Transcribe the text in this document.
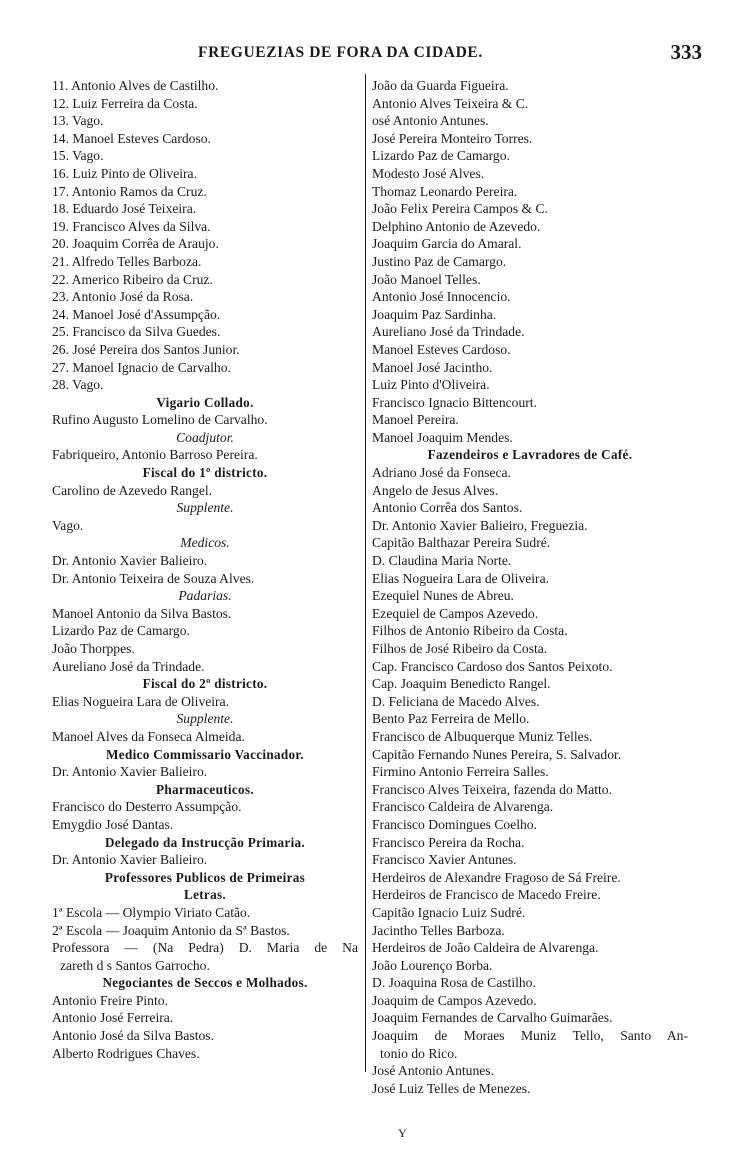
FREGUEZIAS DE FORA DA CIDADE.	333
11. Antonio Alves de Castilho.
12. Luiz Ferreira da Costa.
13. Vago.
14. Manoel Esteves Cardoso.
15. Vago.
16. Luiz Pinto de Oliveira.
17. Antonio Ramos da Cruz.
18. Eduardo José Teixeira.
19. Francisco Alves da Silva.
20. Joaquim Corrêa de Araujo.
21. Alfredo Telles Barboza.
22. Americo Ribeiro da Cruz.
23. Antonio José da Rosa.
24. Manoel José d'Assumpção.
25. Francisco da Silva Guedes.
26. José Pereira dos Santos Junior.
27. Manoel Ignacio de Carvalho.
28. Vago.
Vigario Collado.
Rufino Augusto Lomelino de Carvalho.
Coadjutor.
Fabriqueiro, Antonio Barroso Pereira.
Fiscal do 1º districto.
Carolino de Azevedo Rangel.
Supplente.
Vago.
Medicos.
Dr. Antonio Xavier Balieiro.
Dr. Antonio Teixeira de Souza Alves.
Padarias.
Manoel Antonio da Silva Bastos.
Lizardo Paz de Camargo.
João Thorppes.
Aureliano José da Trindade.
Fiscal do 2º districto.
Elias Nogueira Lara de Oliveira.
Supplente.
Manoel Alves da Fonseca Almeida.
Medico Commissario Vaccinador.
Dr. Antonio Xavier Balieiro.
Pharmaceuticos.
Francisco do Desterro Assumpção.
Emygdio José Dantas.
Delegado da Instrucção Primaria.
Dr. Antonio Xavier Balieiro.
Professores Publicos de Primeiras
Letras.
1ª Escola — Olympio Viriato Catão.
2ª Escola — Joaquim Antonio da Sª Bastos.
Professora — (Na Pedra) D. Maria de Na
zareth d s Santos Garrocho.
Negociantes de Seccos e Molhados.
Antonio Freire Pinto.
Antonio José Ferreira.
Antonio José da Silva Bastos.
Alberto Rodrigues Chaves.
João da Guarda Figueira.
Antonio Alves Teixeira & C.
osé Antonio Antunes.
José Pereira Monteiro Torres.
Lizardo Paz de Camargo.
Modesto José Alves.
Thomaz Leonardo Pereira.
João Felix Pereira Campos & C.
Delphino Antonio de Azevedo.
Joaquim Garcia do Amaral.
Justino Paz de Camargo.
João Manoel Telles.
Antonio José Innocencio.
Joaquim Paz Sardinha.
Aureliano José da Trindade.
Manoel Esteves Cardoso.
Manoel José Jacintho.
Luiz Pinto d'Oliveira.
Francisco Ignacio Bittencourt.
Manoel Pereira.
Manoel Joaquim Mendes.
Fazendeiros e Lavradores de Café.
Adriano José da Fonseca.
Angelo de Jesus Alves.
Antonio Corrêa dos Santos.
Dr. Antonio Xavier Balieiro, Freguezia.
Capitão Balthazar Pereira Sudré.
D. Claudina Maria Norte.
Elias Nogueira Lara de Oliveira.
Ezequiel Nunes de Abreu.
Ezequiel de Campos Azevedo.
Filhos de Antonio Ribeiro da Costa.
Filhos de José Ribeiro da Costa.
Cap. Francisco Cardoso dos Santos Peixoto.
Cap. Joaquim Benedicto Rangel.
D. Feliciana de Macedo Alves.
Bento Paz Ferreira de Mello.
Francisco de Albuquerque Muniz Telles.
Capitão Fernando Nunes Pereira, S. Salvador.
Firmino Antonio Ferreira Salles.
Francisco Alves Teixeira, fazenda do Matto.
Francisco Caldeira de Alvarenga.
Francisco Domingues Coelho.
Francisco Pereira da Rocha.
Francisco Xavier Antunes.
Herdeiros de Alexandre Fragoso de Sá Freire.
Herdeiros de Francisco de Macedo Freire.
Capitão Ignacio Luiz Sudré.
Jacintho Telles Barboza.
Herdeiros de João Caldeira de Alvarenga.
João Lourenço Borba.
D. Joaquina Rosa de Castilho.
Joaquim de Campos Azevedo.
Joaquim Fernandes de Carvalho Guimarães.
Joaquim de Moraes Muniz Tello, Santo An-
tonio do Rico.
José Antonio Antunes.
José Luiz Telles de Menezes.
Y
